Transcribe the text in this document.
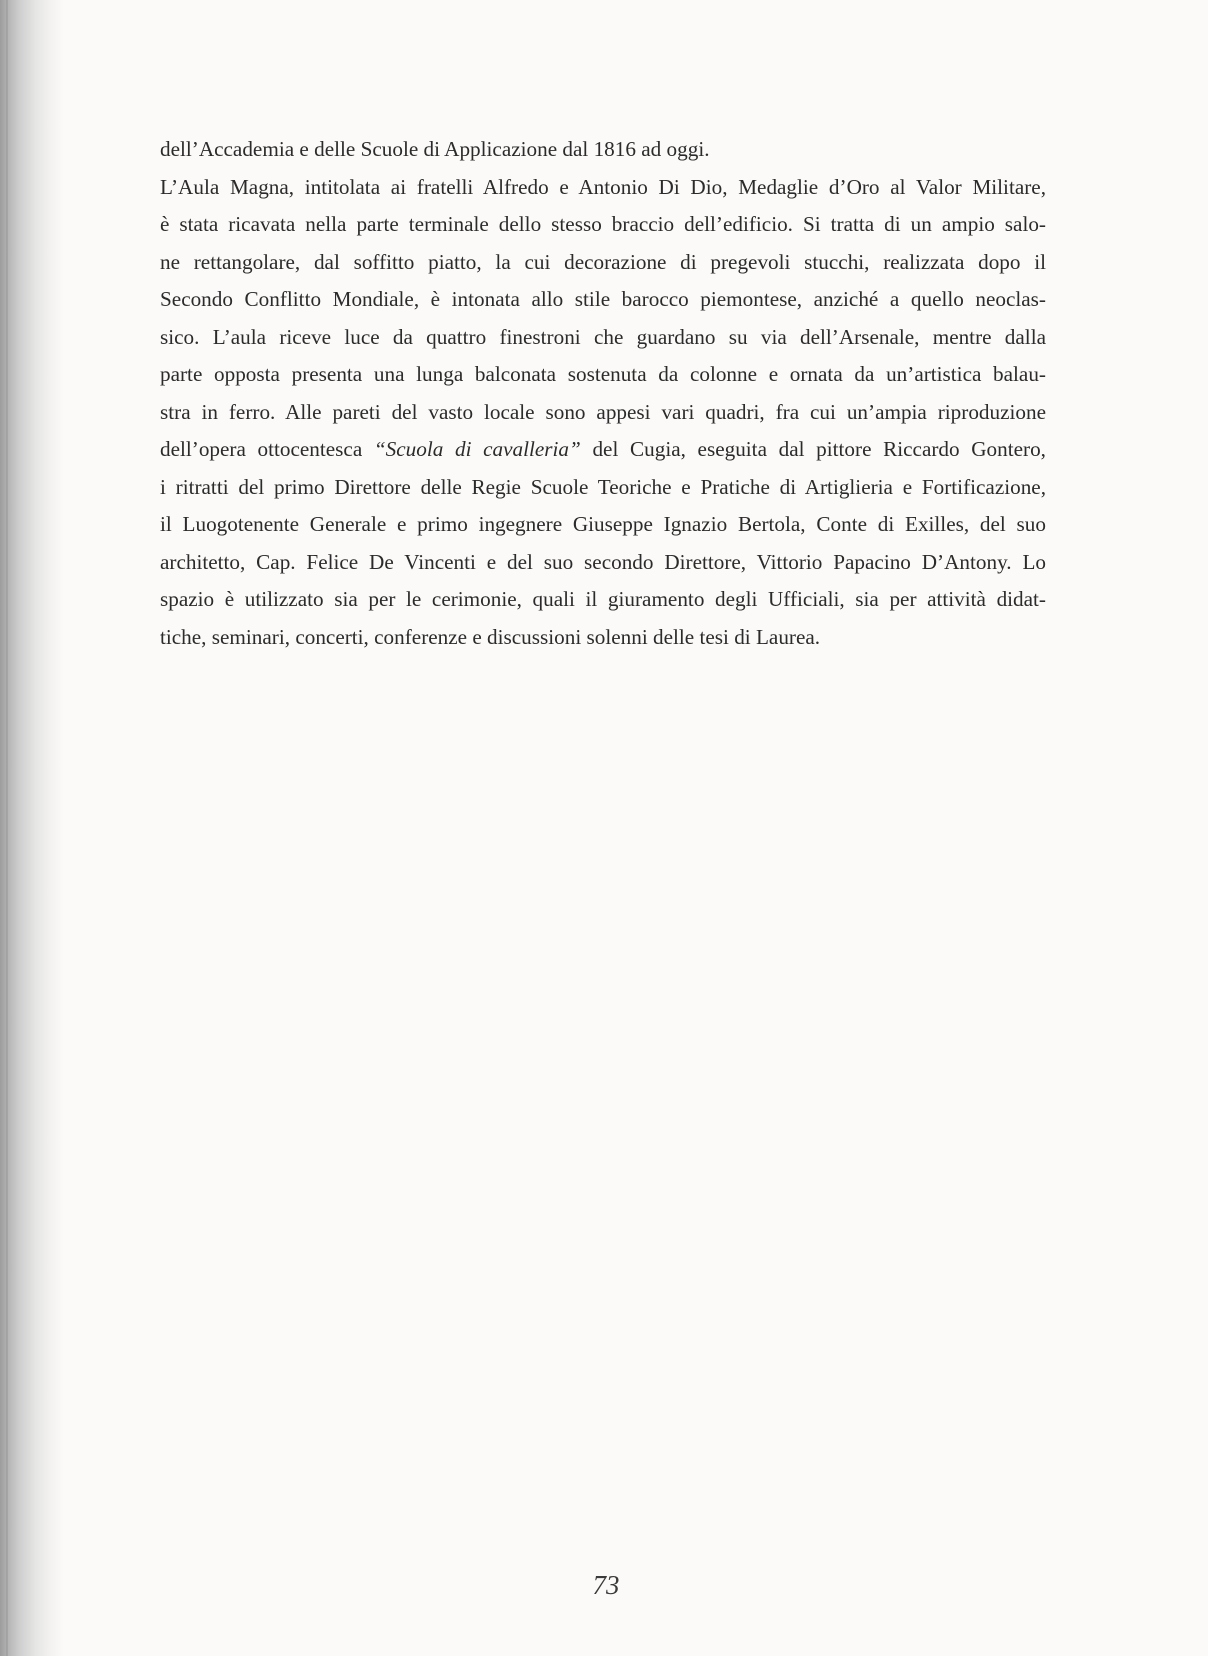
dell’Accademia e delle Scuole di Applicazione dal 1816 ad oggi.
L’Aula Magna, intitolata ai fratelli Alfredo e Antonio Di Dio, Medaglie d’Oro al Valor Militare,
è stata ricavata nella parte terminale dello stesso braccio dell’edificio. Si tratta di un ampio salo-
ne rettangolare, dal soffitto piatto, la cui decorazione di pregevoli stucchi, realizzata dopo il
Secondo Conflitto Mondiale, è intonata allo stile barocco piemontese, anziché a quello neoclas-
sico. L’aula riceve luce da quattro finestroni che guardano su via dell’Arsenale, mentre dalla
parte opposta presenta una lunga balconata sostenuta da colonne e ornata da un’artistica balau-
stra in ferro. Alle pareti del vasto locale sono appesi vari quadri, fra cui un’ampia riproduzione
dell’opera ottocentesca “Scuola di cavalleria” del Cugia, eseguita dal pittore Riccardo Gontero,
i ritratti del primo Direttore delle Regie Scuole Teoriche e Pratiche di Artiglieria e Fortificazione,
il Luogotenente Generale e primo ingegnere Giuseppe Ignazio Bertola, Conte di Exilles, del suo
architetto, Cap. Felice De Vincenti e del suo secondo Direttore, Vittorio Papacino D’Antony. Lo
spazio è utilizzato sia per le cerimonie, quali il giuramento degli Ufficiali, sia per attività didat-
tiche, seminari, concerti, conferenze e discussioni solenni delle tesi di Laurea.
73
